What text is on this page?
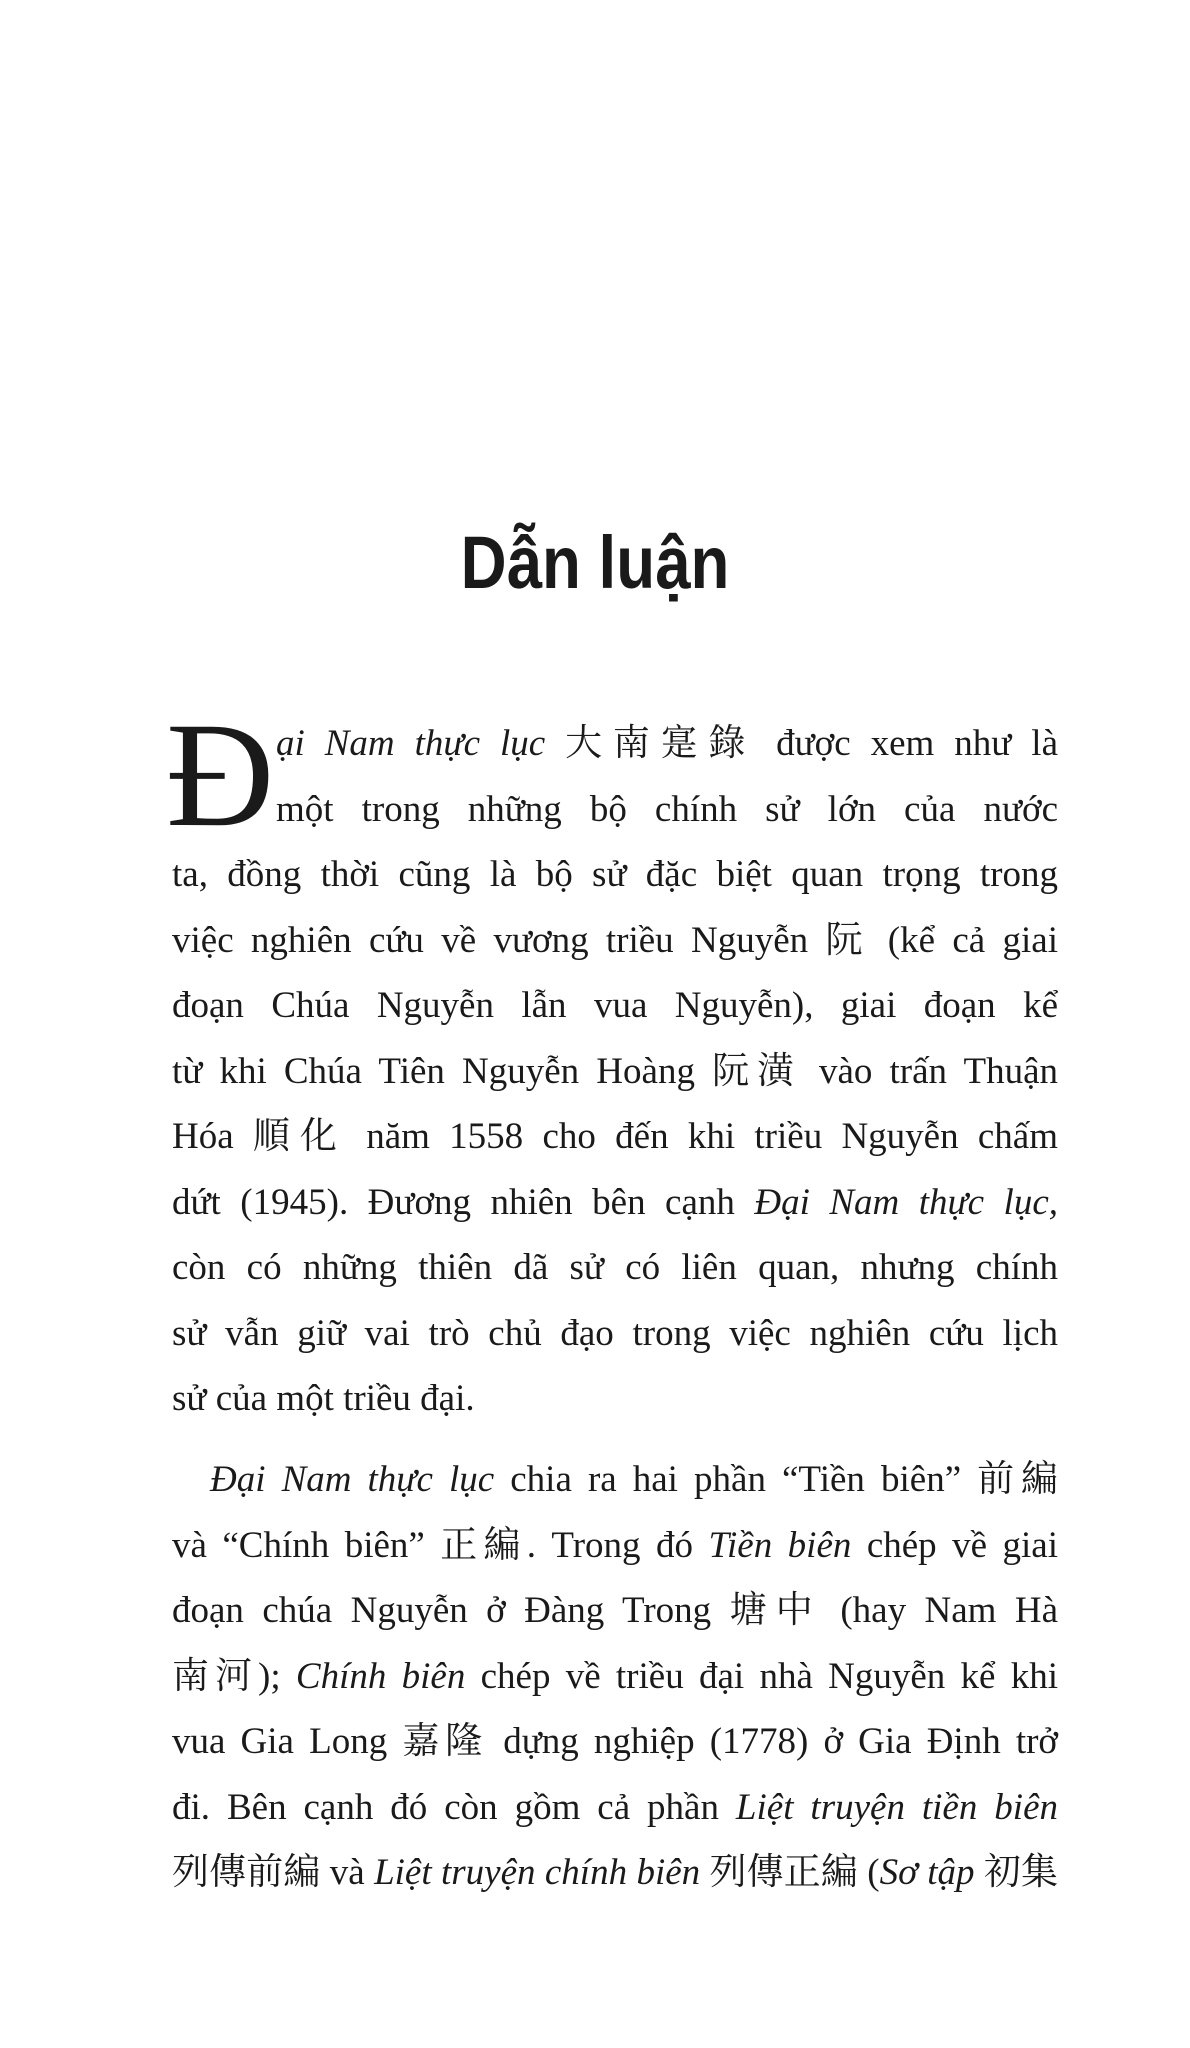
Dẫn luận
Đ ại Nam thực lục 大南寔錄 được xem như là
một trong những bộ chính sử lớn của nước
ta, đồng thời cũng là bộ sử đặc biệt quan trọng trong
việc nghiên cứu về vương triều Nguyễn 阮 (kể cả giai
đoạn Chúa Nguyễn lẫn vua Nguyễn), giai đoạn kể
từ khi Chúa Tiên Nguyễn Hoàng 阮潢 vào trấn Thuận
Hóa 順化 năm 1558 cho đến khi triều Nguyễn chấm
dứt (1945). Đương nhiên bên cạnh Đại Nam thực lục,
còn có những thiên dã sử có liên quan, nhưng chính
sử vẫn giữ vai trò chủ đạo trong việc nghiên cứu lịch
sử của một triều đại.
Đại Nam thực lục chia ra hai phần “Tiền biên” 前編
và “Chính biên” 正編. Trong đó Tiền biên chép về giai
đoạn chúa Nguyễn ở Đàng Trong 塘中 (hay Nam Hà
南河); Chính biên chép về triều đại nhà Nguyễn kể khi
vua Gia Long 嘉隆 dựng nghiệp (1778) ở Gia Định trở
đi. Bên cạnh đó còn gồm cả phần Liệt truyện tiền biên
列傳前編 và Liệt truyện chính biên 列傳正編 (Sơ tập 初集
